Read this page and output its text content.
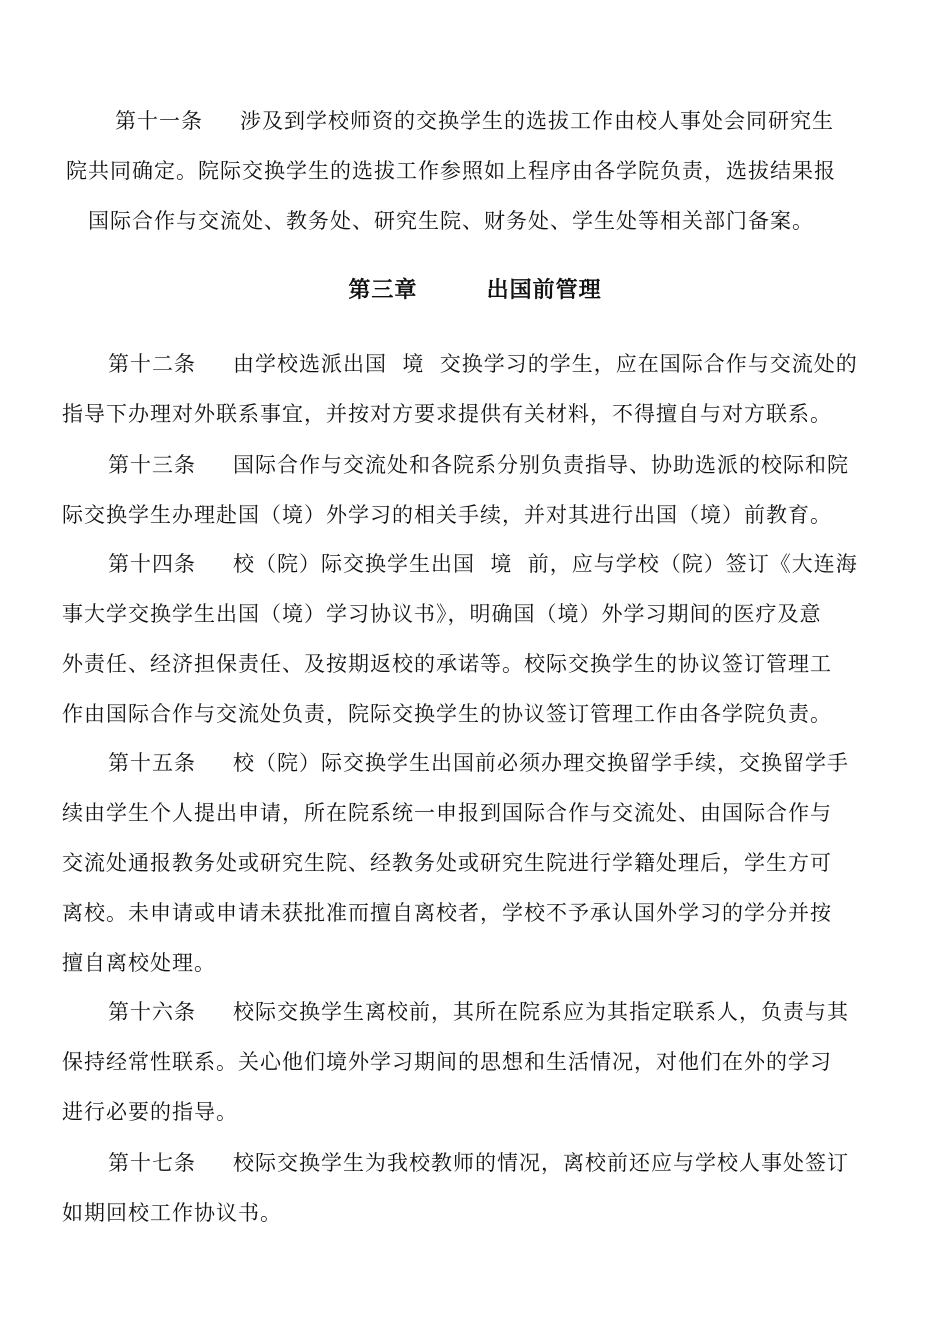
第十一条 涉及到学校师资的交换学生的选拔工作由校人事处会同研究生
院共同确定。院际交换学生的选拔工作参照如上程序由各学院负责，选拔结果报
国际合作与交流处、教务处、研究生院、财务处、学生处等相关部门备案。
第三章	出国前管理
第十二条 由学校选派出国  境  交换学习的学生，应在国际合作与交流处的
指导下办理对外联系事宜，并按对方要求提供有关材料，不得擅自与对方联系。
第十三条 国际合作与交流处和各院系分别负责指导、协助选派的校际和院
际交换学生办理赴国（境）外学习的相关手续，并对其进行出国（境）前教育。
第十四条 校（院）际交换学生出国  境  前，应与学校（院）签订《大连海
事大学交换学生出国（境）学习协议书》，明确国（境）外学习期间的医疗及意
外责任、经济担保责任、及按期返校的承诺等。校际交换学生的协议签订管理工
作由国际合作与交流处负责，院际交换学生的协议签订管理工作由各学院负责。
第十五条 校（院）际交换学生出国前必须办理交换留学手续，交换留学手
续由学生个人提出申请，所在院系统一申报到国际合作与交流处、由国际合作与
交流处通报教务处或研究生院、经教务处或研究生院进行学籍处理后，学生方可
离校。未申请或申请未获批准而擅自离校者，学校不予承认国外学习的学分并按
擅自离校处理。
第十六条 校际交换学生离校前，其所在院系应为其指定联系人，负责与其
保持经常性联系。关心他们境外学习期间的思想和生活情况，对他们在外的学习
进行必要的指导。
第十七条 校际交换学生为我校教师的情况，离校前还应与学校人事处签订
如期回校工作协议书。
